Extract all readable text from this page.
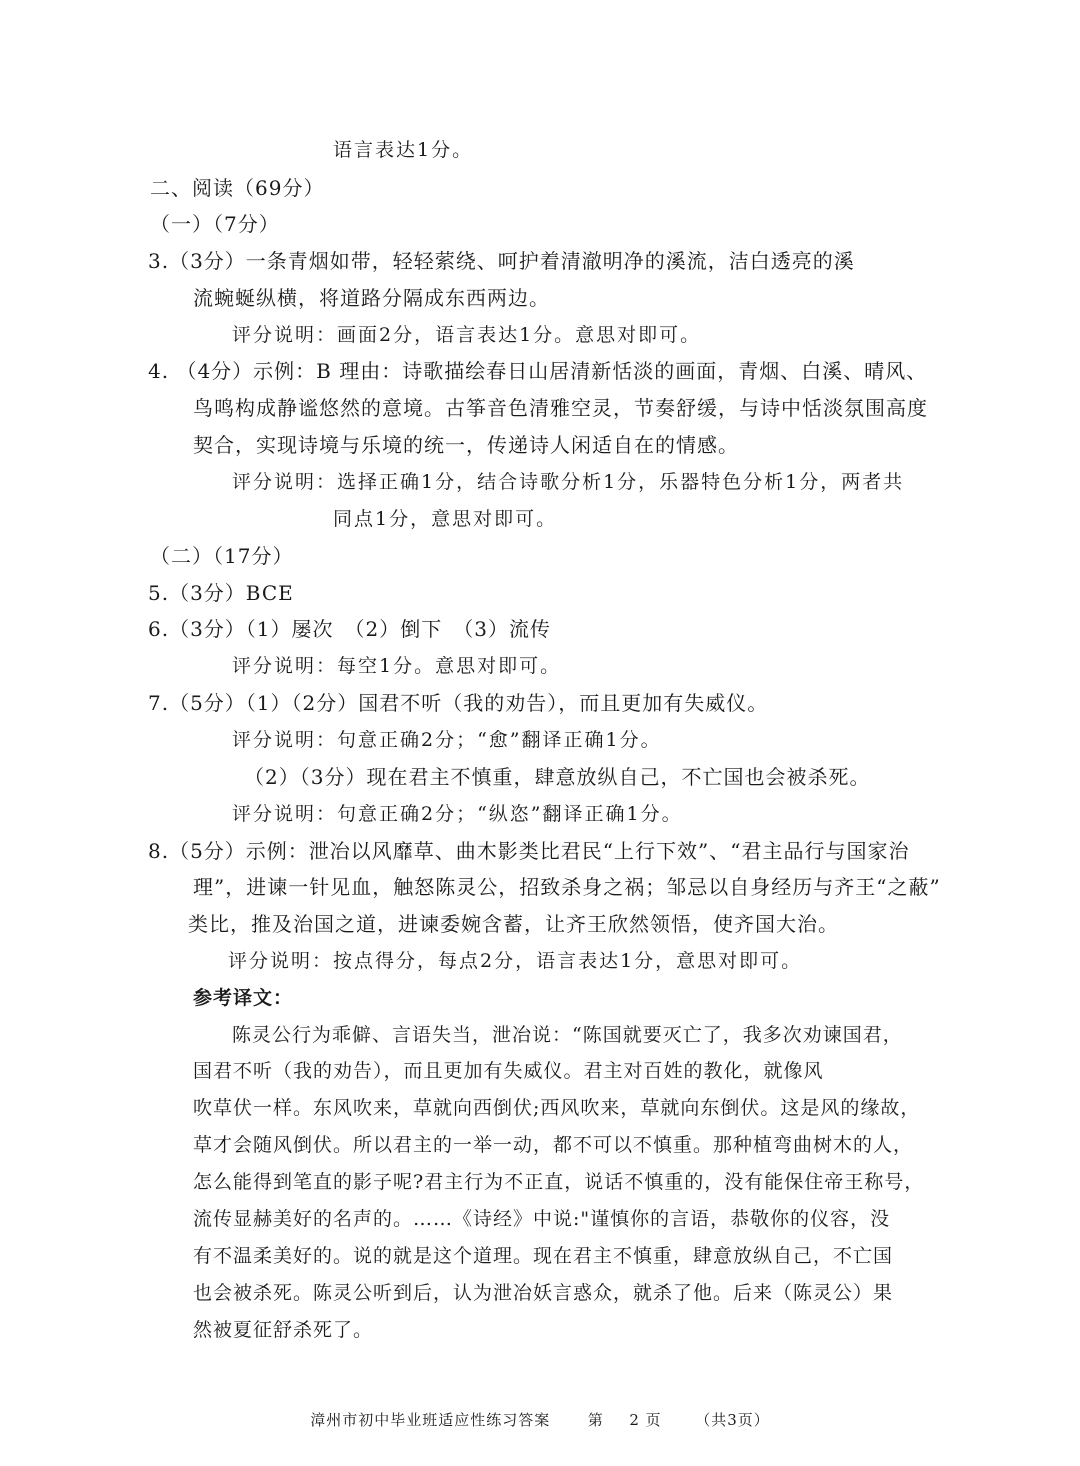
语言表达1分。
二、阅读（69分）
（一）（7分）
3.（3分）一条青烟如带，轻轻萦绕、呵护着清澈明净的溪流，洁白透亮的溪
流蜿蜒纵横，将道路分隔成东西两边。
评分说明：画面2分，语言表达1分。意思对即可。
4. （4分）示例：B 理由：诗歌描绘春日山居清新恬淡的画面，青烟、白溪、晴风、
鸟鸣构成静谧悠然的意境。古筝音色清雅空灵，节奏舒缓，与诗中恬淡氛围高度
契合，实现诗境与乐境的统一，传递诗人闲适自在的情感。
评分说明：选择正确1分，结合诗歌分析1分，乐器特色分析1分，两者共
同点1分，意思对即可。
（二）（17分）
5.（3分）BCE
6.（3分）（1）屡次　（2）倒下　（3）流传
评分说明：每空1分。意思对即可。
7.（5分）（1）（2分）国君不听（我的劝告），而且更加有失威仪。
评分说明：句意正确2分；“愈”翻译正确1分。
（2）（3分）现在君主不慎重，肆意放纵自己，不亡国也会被杀死。
评分说明：句意正确2分；“纵恣”翻译正确1分。
8.（5分）示例：泄冶以风靡草、曲木影类比君民“上行下效”、“君主品行与国家治
理”，进谏一针见血，触怒陈灵公，招致杀身之祸；邹忌以自身经历与齐王“之蔽”
类比，推及治国之道，进谏委婉含蓄，让齐王欣然领悟，使齐国大治。
评分说明：按点得分，每点2分，语言表达1分，意思对即可。
参考译文：
陈灵公行为乖僻、言语失当，泄冶说：“陈国就要灭亡了，我多次劝谏国君，
国君不听（我的劝告），而且更加有失威仪。君主对百姓的教化，就像风
吹草伏一样。东风吹来，草就向西倒伏;西风吹来，草就向东倒伏。这是风的缘故，
草才会随风倒伏。所以君主的一举一动，都不可以不慎重。那种植弯曲树木的人，
怎么能得到笔直的影子呢?君主行为不正直，说话不慎重的，没有能保住帝王称号，
流传显赫美好的名声的。……《诗经》中说:"谨慎你的言语，恭敬你的仪容，没
有不温柔美好的。说的就是这个道理。现在君主不慎重，肆意放纵自己，不亡国
也会被杀死。陈灵公听到后，认为泄冶妖言惑众，就杀了他。后来（陈灵公）果
然被夏征舒杀死了。
漳州市初中毕业班适应性练习答案	第 2 页 （共3页）
